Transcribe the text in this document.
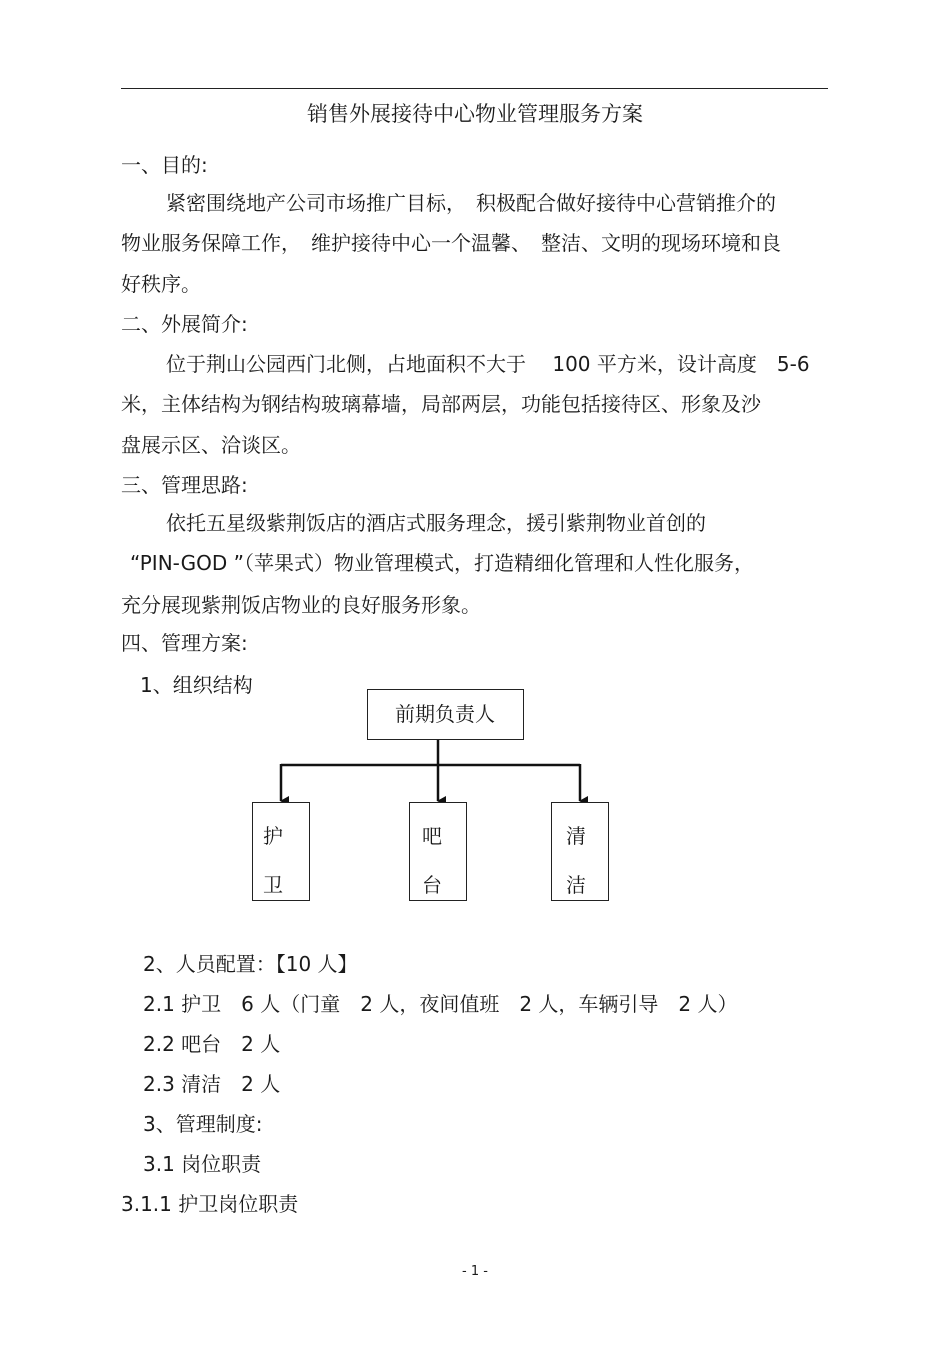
销售外展接待中心物业管理服务方案
一、目的:
紧密围绕地产公司市场推广目标，　积极配合做好接待中心营销推介的
物业服务保障工作，　维护接待中心一个温馨、　整洁、文明的现场环境和良
好秩序。
二、外展简介:
位于荆山公园西门北侧，占地面积不大于　 100 平方米，设计高度　5-6
米，主体结构为钢结构玻璃幕墙，局部两层，功能包括接待区、形象及沙
盘展示区、洽谈区。
三、管理思路:
依托五星级紫荆饭店的酒店式服务理念，援引紫荆物业首创的
“PIN-GOD ”（苹果式）物业管理模式，打造精细化管理和人性化服务，
充分展现紫荆饭店物业的良好服务形象。
四、管理方案:
1、组织结构
前期负责人
护
卫
吧
台
清
洁
2、人员配置：【10 人】
2.1 护卫　6 人（门童　2 人，夜间值班　2 人，车辆引导　2 人）
2.2 吧台　2 人
2.3 清洁　2 人
3、管理制度:
3.1 岗位职责
3.1.1 护卫岗位职责
- 1 -
